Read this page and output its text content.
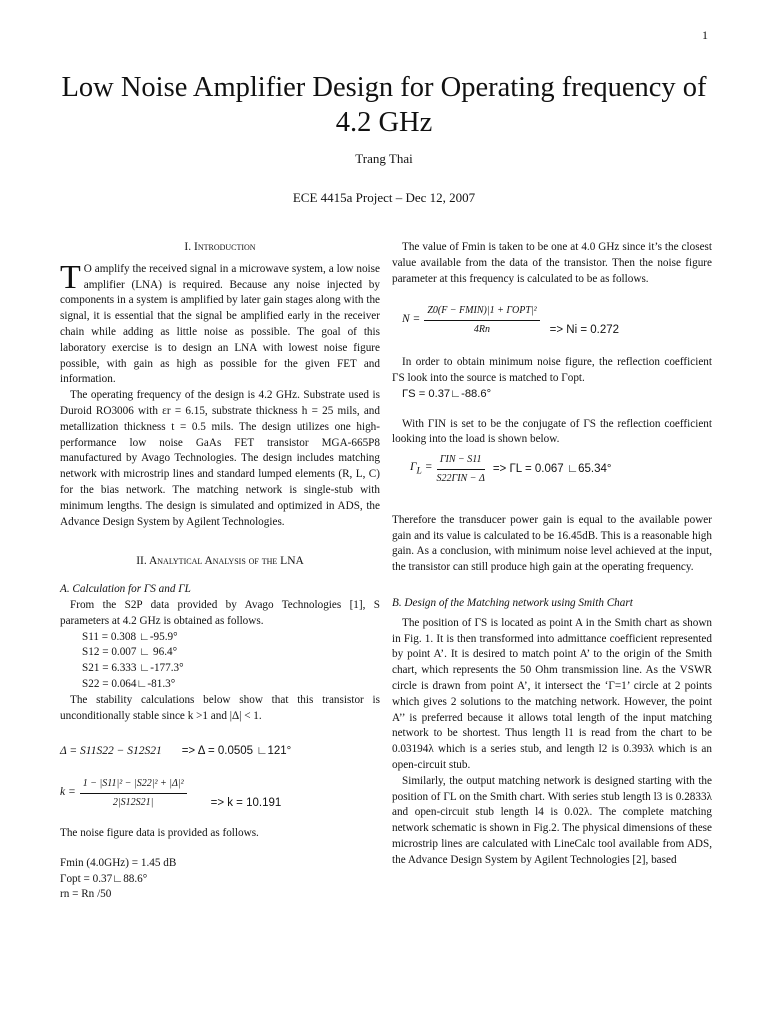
1
Low Noise Amplifier Design for Operating frequency of 4.2 GHz
Trang Thai
ECE 4415a Project – Dec 12, 2007
I. Introduction

T O amplify the received signal in a microwave system, a low noise amplifier (LNA) is required. Because any noise injected by components in a system is amplified by later gain stages along with the signal, it is essential that the signal be amplified early in the receiver chain while adding as little noise as possible. The goal of this laboratory exercise is to design an LNA with lowest noise figure possible, with gain as high as possible for the given FET and information.

The operating frequency of the design is 4.2 GHz. Substrate used is Duroid RO3006 with εr = 6.15, substrate thickness h = 25 mils, and metallization thickness t = 0.5 mils. The design utilizes one high-performance low noise GaAs FET transistor MGA-665P8 manufactured by Avago Technologies. The design includes matching network with microstrip lines and standard lumped elements (R, L, C) for the bias network. The matching network is single-stub with minimum lengths. The design is simulated and optimized in ADS, the Advance Design System by Agilent Technologies.

II. Analytical Analysis of the LNA
A. Calculation for ΓS and ΓL

From the S2P data provided by Avago Technologies [1], S parameters at 4.2 GHz is obtained as follows.

S11 = 0.308 ∟-95.9°
S12 = 0.007 ∟ 96.4°
S21 = 6.333 ∟-177.3°
S22 = 0.064∟-81.3°

The stability calculations below show that this transistor is unconditionally stable since k >1 and |Δ| < 1.

Δ = S11S22 − S12S21 => Δ = 0.0505 ∟121°
$k = \frac{\text{1 − |S11|² − |S22|² + |Δ|²}}{2|S12S21|} => k = 10.191$

The noise figure data is provided as follows.

Fmin (4.0GHz) = 1.45 dB
Γopt = 0.37∟88.6°
rn = Rn /50

The value of Fmin is taken to be one at 4.0 GHz since it’s the closest value available from the data of the transistor. Then the noise figure parameter at this frequency is calculated to be as follows.

$N = \frac{\text{Z0(F − FMIN)|1 + ΓOPT|²}}{4Rn} => Ni = 0.272$

In order to obtain minimum noise figure, the reflection coefficient ΓS look into the source is matched to Γopt.

ΓS = 0.37∟-88.6°

With ΓIN is set to be the conjugate of ΓS the reflection coefficient looking into the load is shown below.

$\Gamma_L = \frac{\text{ΓIN − S11}}{\text{S22ΓIN − Δ}} => \Gamma L = 0.067$ ∟65.34°

Therefore the transducer power gain is equal to the available power gain and its value is calculated to be 16.45dB. This is a reasonable high gain. As a conclusion, with minimum noise level achieved at the input, the transistor can still produce high gain at the operating frequency.

B. Design of the Matching network using Smith Chart

The position of ΓS is located as point A in the Smith chart as shown in Fig. 1. It is then transformed into admittance coefficient represented by point A’. It is desired to match point A’ to the origin of the Smith chart, which represents the 50 Ohm transmission line. As the VSWR circle is drawn from point A’, it intersect the ‘Γ=1’ circle at 2 points which gives 2 solutions to the matching network. However, the point A’’ is preferred because it allows total length of the input matching network to be shortest. Thus length l1 is read from the chart to be 0.03194λ which is a series stub, and length l2 is 0.393λ which is an open-circuit stub.

Similarly, the output matching network is designed starting with the position of ΓL on the Smith chart. With series stub length l3 is 0.2833λ and open-circuit stub length l4 is 0.02λ. The complete matching network schematic is shown in Fig.2. The physical dimensions of these microstrip lines are calculated with LineCalc tool available from ADS, the Advance Design System by Agilent Technologies [2], based
